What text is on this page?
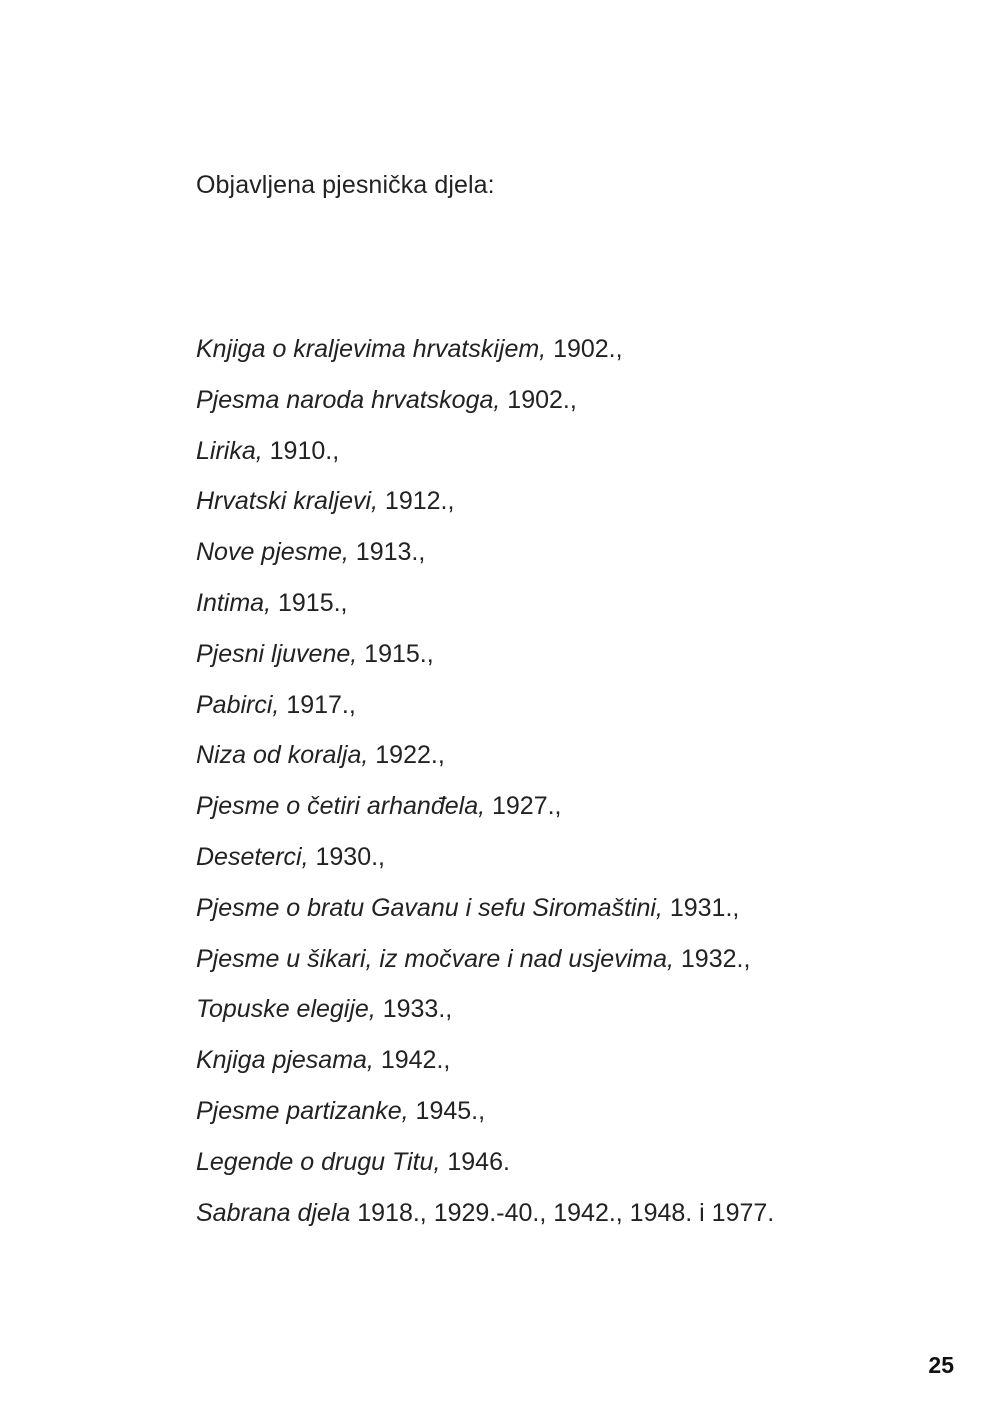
Objavljena pjesnička djela:
Knjiga o kraljevima hrvatskijem, 1902.,
Pjesma naroda hrvatskoga, 1902.,
Lirika, 1910.,
Hrvatski kraljevi, 1912.,
Nove pjesme, 1913.,
Intima, 1915.,
Pjesni ljuvene, 1915.,
Pabirci, 1917.,
Niza od koralja, 1922.,
Pjesme o četiri arhanđela, 1927.,
Deseterci, 1930.,
Pjesme o bratu Gavanu i sefu Siromaštini, 1931.,
Pjesme u šikari, iz močvare i nad usjevima, 1932.,
Topuske elegije, 1933.,
Knjiga pjesama, 1942.,
Pjesme partizanke, 1945.,
Legende o drugu Titu, 1946.
Sabrana djela 1918., 1929.-40., 1942., 1948. i 1977.
25
